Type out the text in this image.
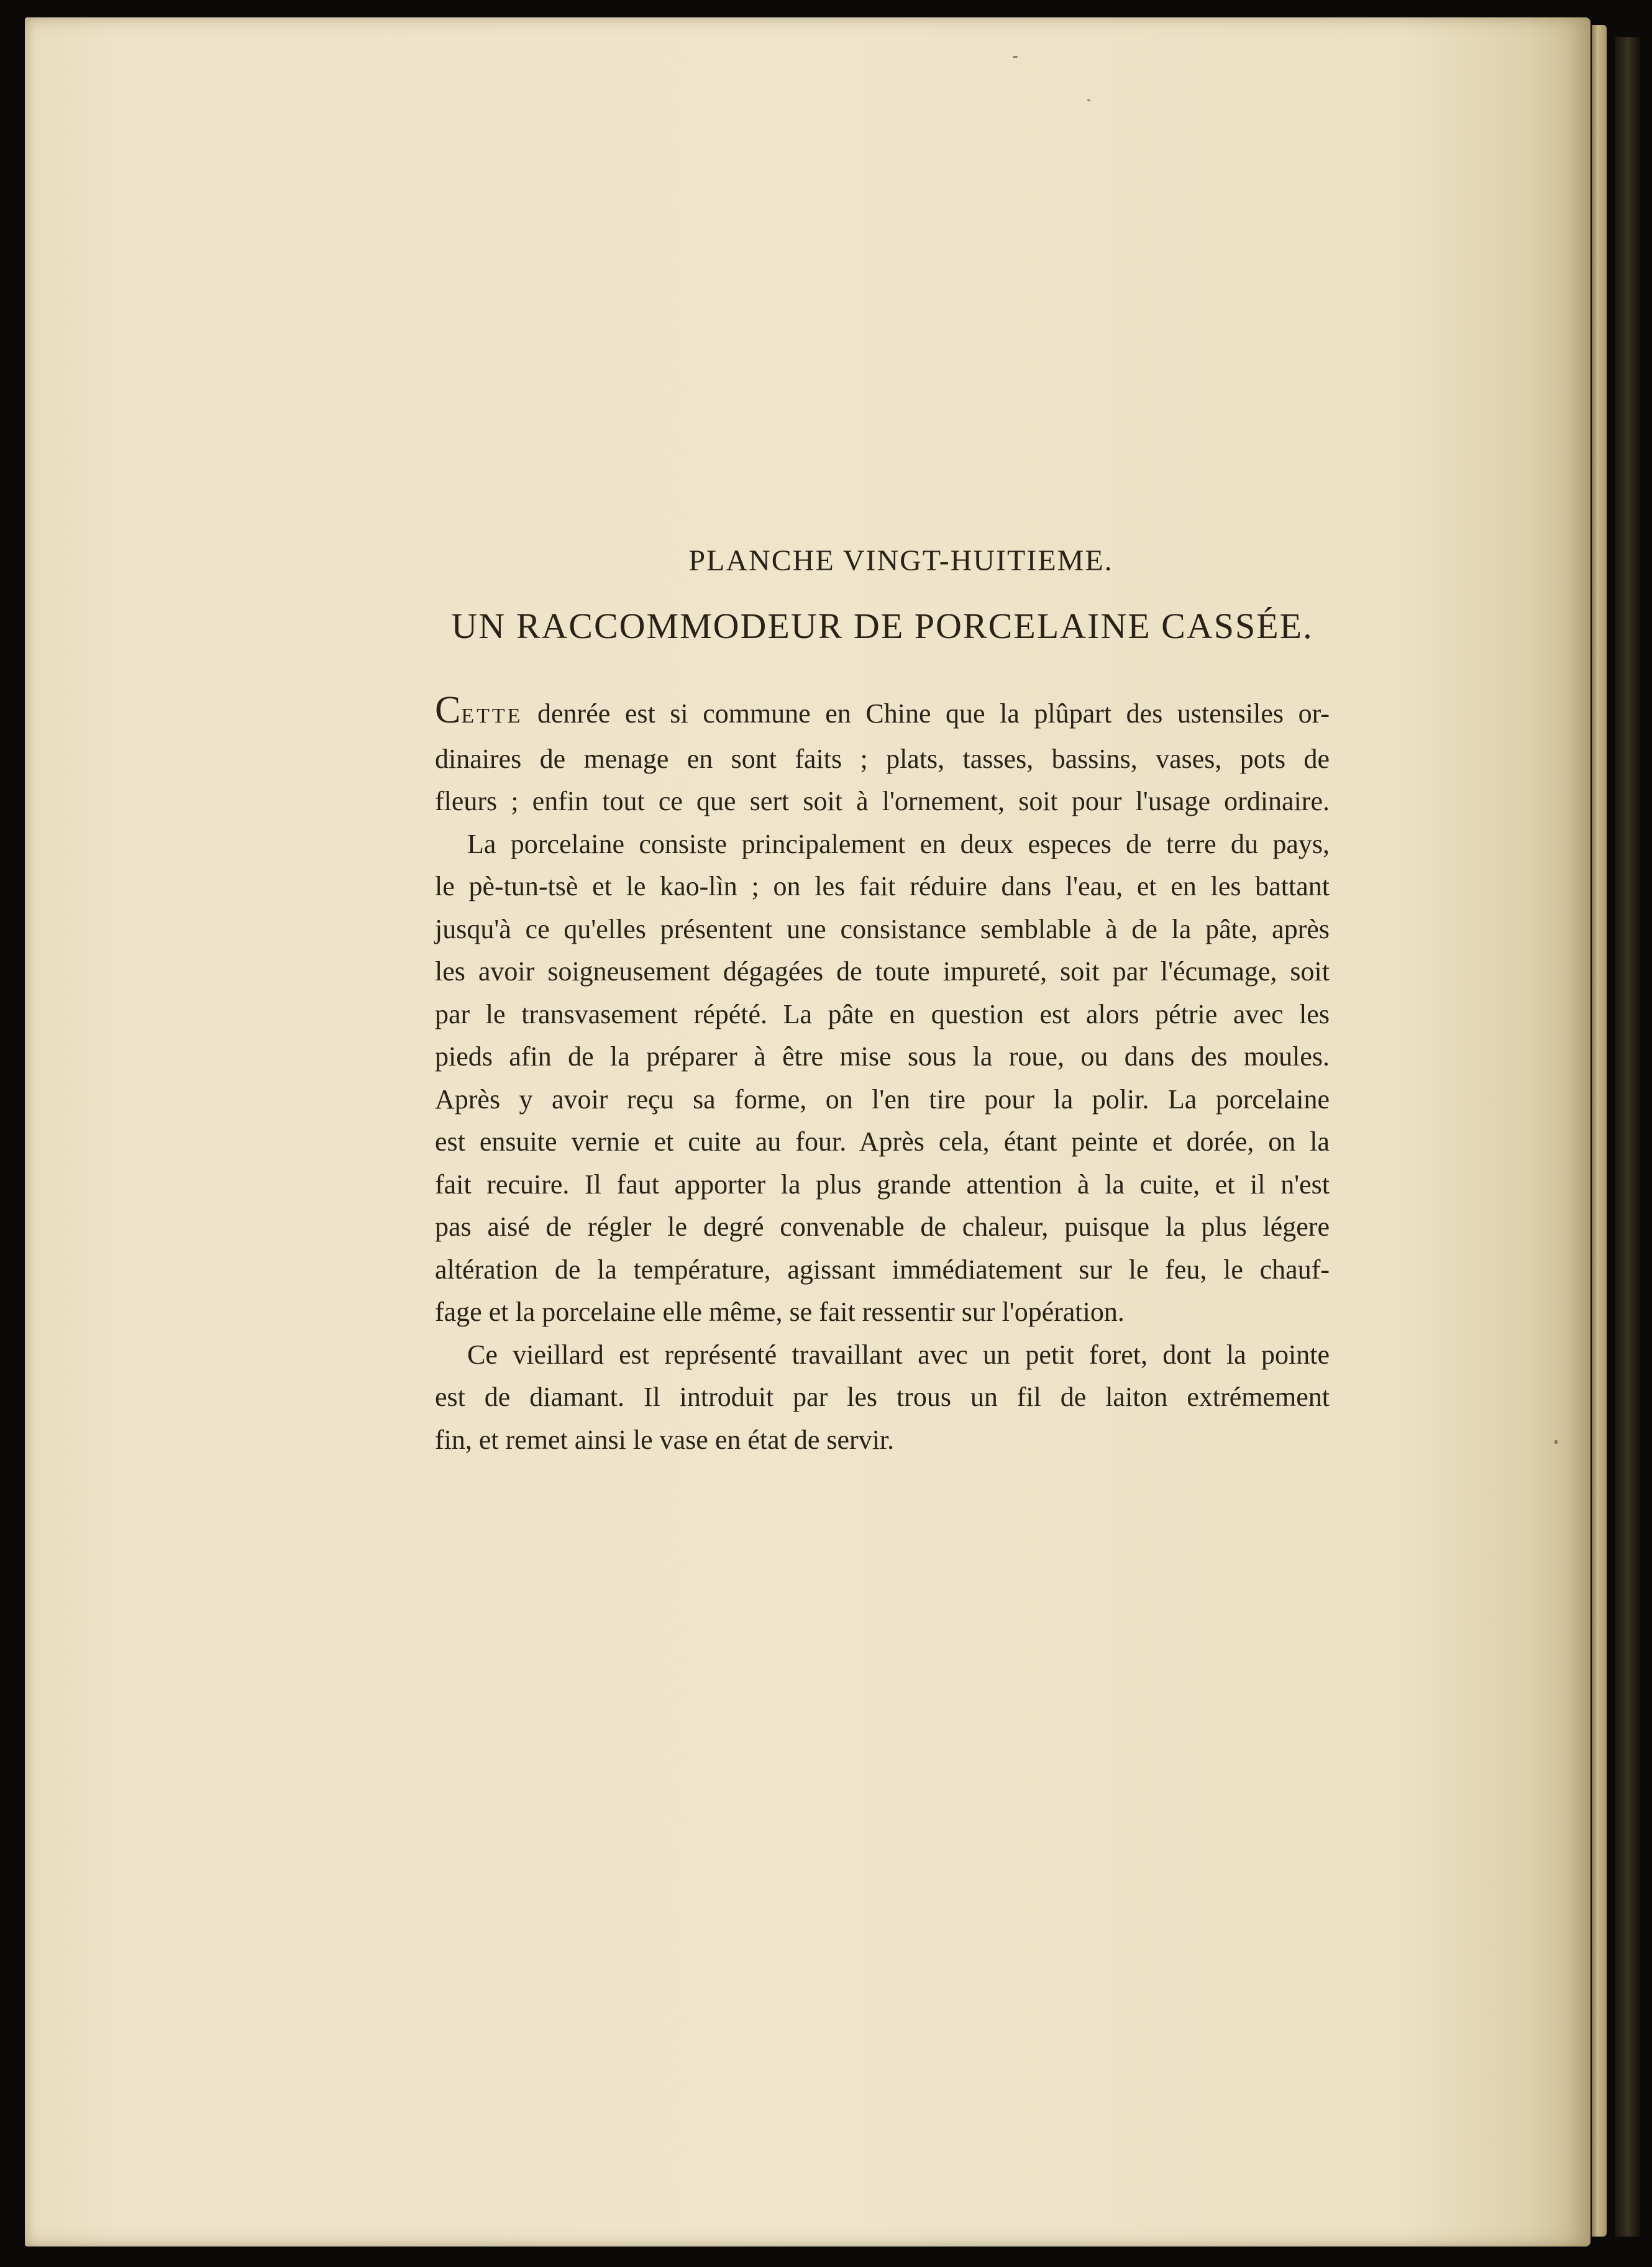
PLANCHE VINGT-HUITIEME.
UN RACCOMMODEUR DE PORCELAINE CASSÉE.
CETTE denrée est si commune en Chine que la plûpart des ustensiles or-
dinaires de menage en sont faits ; plats, tasses, bassins, vases, pots de
fleurs ; enfin tout ce que sert soit à l'ornement, soit pour l'usage ordinaire.
La porcelaine consiste principalement en deux especes de terre du pays,
le pè-tun-tsè et le kao-lìn ; on les fait réduire dans l'eau, et en les battant
jusqu'à ce qu'elles présentent une consistance semblable à de la pâte, après
les avoir soigneusement dégagées de toute impureté, soit par l'écumage, soit
par le transvasement répété. La pâte en question est alors pétrie avec les
pieds afin de la préparer à être mise sous la roue, ou dans des moules.
Après y avoir reçu sa forme, on l'en tire pour la polir. La porcelaine
est ensuite vernie et cuite au four. Après cela, étant peinte et dorée, on la
fait recuire. Il faut apporter la plus grande attention à la cuite, et il n'est
pas aisé de régler le degré convenable de chaleur, puisque la plus légere
altération de la température, agissant immédiatement sur le feu, le chauf-
fage et la porcelaine elle même, se fait ressentir sur l'opération.
Ce vieillard est représenté travaillant avec un petit foret, dont la pointe
est de diamant. Il introduit par les trous un fil de laiton extrémement
fin, et remet ainsi le vase en état de servir.
